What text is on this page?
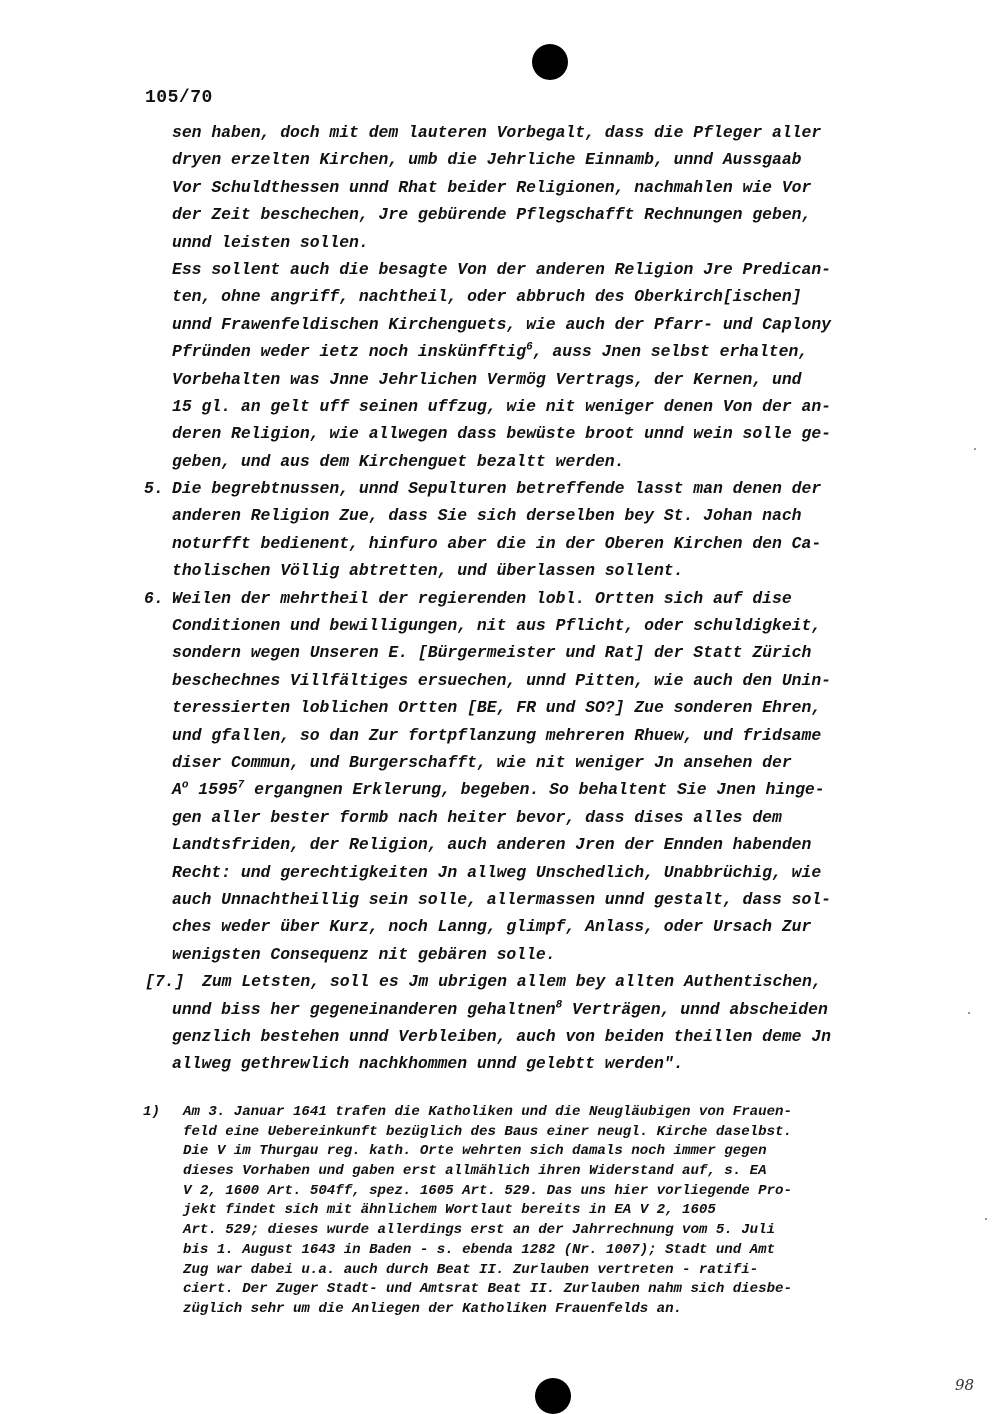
105/70
sen haben, doch mit dem lauteren Vorbegalt, dass die Pfleger aller
dryen erzelten Kirchen, umb die Jehrliche Einnamb, unnd Aussgaab
Vor Schuldthessen unnd Rhat beider Religionen, nachmahlen wie Vor
der Zeit beschechen, Jre gebürende Pflegschafft Rechnungen geben,
unnd leisten sollen.
Ess sollent auch die besagte Von der anderen Religion Jre Predican-
ten, ohne angriff, nachtheil, oder abbruch des Oberkirch[ischen]
unnd Frawenfeldischen Kirchenguets, wie auch der Pfarr- und Caplony
Pfründen weder ietz noch inskünfftig$^6$, auss Jnen selbst erhalten,
Vorbehalten was Jnne Jehrlichen Vermög Vertrags, der Kernen, und
15 gl. an gelt uff seinen uffzug, wie nit weniger denen Von der an-
deren Religion, wie allwegen dass bewüste broot unnd wein solle ge-
geben, und aus dem Kirchenguet bezaltt werden.
5. Die begrebtnussen, unnd Sepulturen betreffende lasst man denen der
anderen Religion Zue, dass Sie sich derselben bey St. Johan nach
noturfft bedienent, hinfuro aber die in der Oberen Kirchen den Ca-
tholischen Völlig abtretten, und überlassen sollent.
6. Weilen der mehrtheil der regierenden lobl. Ortten sich auf dise
Conditionen und bewilligungen, nit aus Pflicht, oder schuldigkeit,
sondern wegen Unseren E. [Bürgermeister und Rat] der Statt Zürich
beschechnes Villfältiges ersuechen, unnd Pitten, wie auch den Unin-
teressierten loblichen Ortten [BE, FR und SO?] Zue sonderen Ehren,
und gfallen, so dan Zur fortpflanzung mehreren Rhuew, und fridsame
diser Commun, und Burgerschafft, wie nit weniger Jn ansehen der
$A^o$ 1595$^7$ ergangnen Erklerung, begeben. So behaltent Sie Jnen hinge-
gen aller bester formb nach heiter bevor, dass dises alles dem
Landtsfriden, der Religion, auch anderen Jren der Ennden habenden
Recht: und gerechtigkeiten Jn allweg Unschedlich, Unabbrüchig, wie
auch Unnachtheillig sein solle, allermassen unnd gestalt, dass sol-
ches weder über Kurz, noch Lanng, glimpf, Anlass, oder Ursach Zur
wenigsten Consequenz nit gebären solle.
[7.] Zum Letsten, soll es Jm ubrigen allem bey allten Authentischen,
unnd biss her gegeneinanderen gehaltnen$^8$ Verträgen, unnd abscheiden
genzlich bestehen unnd Verbleiben, auch von beiden theillen deme Jn
allweg gethrewlich nachkhommen unnd gelebtt werden".
1) Am 3. Januar 1641 trafen die Katholiken und die Neugläubigen von Frauen-
feld eine Uebereinkunft bezüglich des Baus einer neugl. Kirche daselbst.
Die V im Thurgau reg. kath. Orte wehrten sich damals noch immer gegen
dieses Vorhaben und gaben erst allmählich ihren Widerstand auf, s. EA
V 2, 1600 Art. 504ff, spez. 1605 Art. 529. Das uns hier vorliegende Pro-
jekt findet sich mit ähnlichem Wortlaut bereits in EA V 2, 1605
Art. 529; dieses wurde allerdings erst an der Jahrrechnung vom 5. Juli
bis 1. August 1643 in Baden - s. ebenda 1282 (Nr. 1007); Stadt und Amt
Zug war dabei u.a. auch durch Beat II. Zurlauben vertreten - ratifi-
ciert. Der Zuger Stadt- und Amtsrat Beat II. Zurlauben nahm sich diesbe-
züglich sehr um die Anliegen der Katholiken Frauenfelds an.
98
